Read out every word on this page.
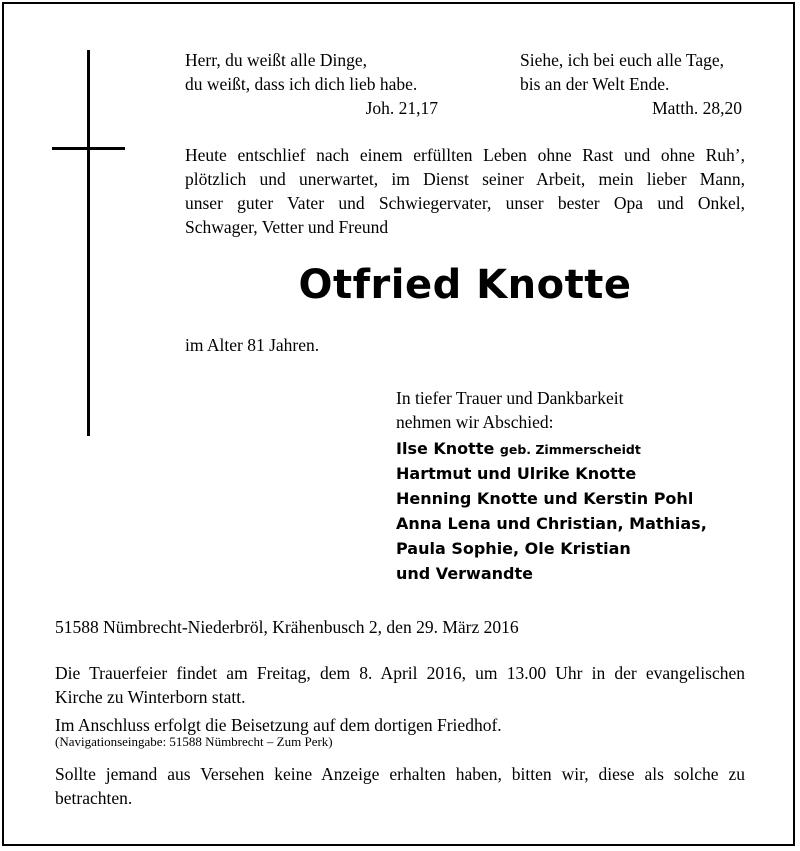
Herr, du weißt alle Dinge,
du weißt, dass ich dich lieb habe.
Joh. 21,17
Siehe, ich bei euch alle Tage,
bis an der Welt Ende.
Matth. 28,20
Heute entschlief nach einem erfüllten Leben ohne Rast und ohne Ruh’,
plötzlich und unerwartet, im Dienst seiner Arbeit, mein lieber Mann,
unser guter Vater und Schwiegervater, unser bester Opa und Onkel,
Schwager, Vetter und Freund
Otfried Knotte
im Alter 81 Jahren.
In tiefer Trauer und Dankbarkeit
nehmen wir Abschied:
Ilse Knotte geb. Zimmerscheidt
Hartmut und Ulrike Knotte
Henning Knotte und Kerstin Pohl
Anna Lena und Christian, Mathias,
Paula Sophie, Ole Kristian
und Verwandte
51588 Nümbrecht-Niederbröl, Krähenbusch 2, den 29. März 2016
Die Trauerfeier findet am Freitag, dem 8. April 2016, um 13.00 Uhr in der evangelischen
Kirche zu Winterborn statt.
Im Anschluss erfolgt die Beisetzung auf dem dortigen Friedhof.
(Navigationseingabe: 51588 Nümbrecht – Zum Perk)
Sollte jemand aus Versehen keine Anzeige erhalten haben, bitten wir, diese als solche zu
betrachten.
